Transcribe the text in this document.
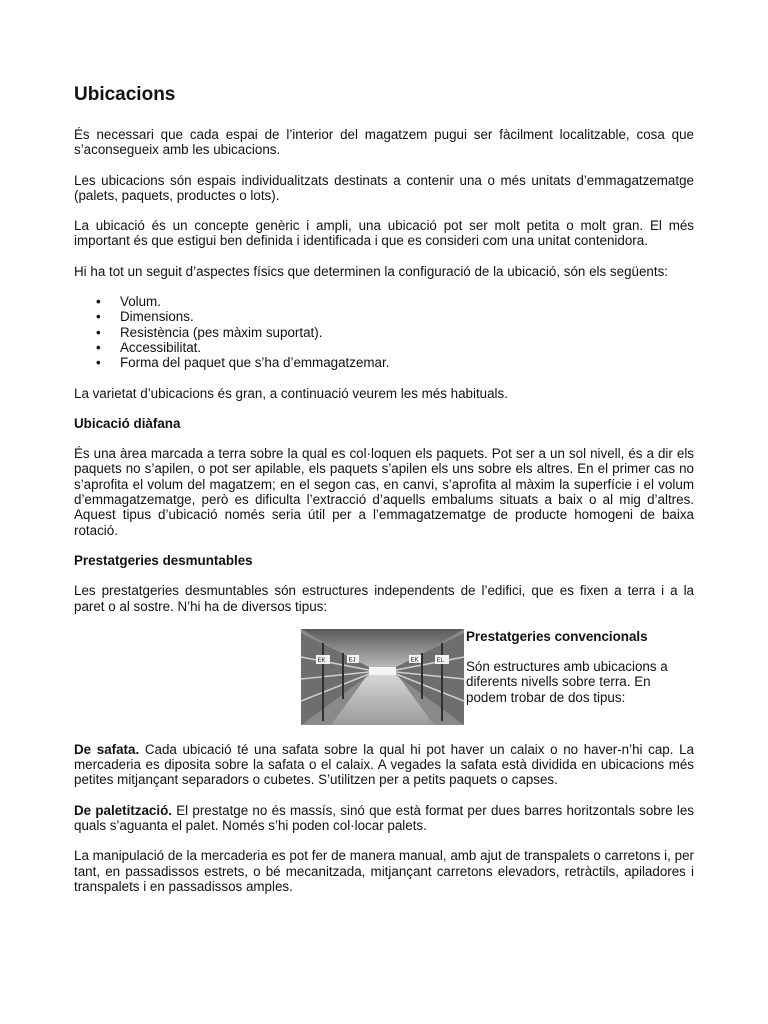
Ubicacions

És necessari que cada espai de l’interior del magatzem pugui ser fàcilment localitzable, cosa que s’aconsegueix amb les ubicacions.

Les ubicacions són espais individualitzats destinats a contenir una o més unitats d’emmagatzematge (palets, paquets, productes o lots).

La ubicació és un concepte genèric i ampli, una ubicació pot ser molt petita o molt gran. El més important és que estigui ben definida i identificada i que es consideri com una unitat contenidora.

Hi ha tot un seguit d’aspectes físics que determinen la configuració de la ubicació, són els següents:

• Volum.
• Dimensions.
• Resistència (pes màxim suportat).
• Accessibilitat.
• Forma del paquet que s’ha d’emmagatzemar.

La varietat d’ubicacions és gran, a continuació veurem les més habituals.

Ubicació diàfana

És una àrea marcada a terra sobre la qual es col·loquen els paquets. Pot ser a un sol nivell, és a dir els paquets no s’apilen, o pot ser apilable, els paquets s’apilen els uns sobre els altres. En el primer cas no s’aprofita el volum del magatzem; en el segon cas, en canvi, s’aprofita al màxim la superfície i el volum d’emmagatzematge, però es dificulta l’extracció d’aquells embalums situats a baix o al mig d’altres. Aquest tipus d’ubicació només seria útil per a l’emmagatzematge de producte homogeni de baixa rotació.

Prestatgeries desmuntables

Les prestatgeries desmuntables són estructures independents de l’edifici, que es fixen a terra i a la paret o al sostre. N’hi ha de diversos tipus:

EK	EJ	EK	EL
Prestatgeries convencionals
Són estructures amb ubicacions a diferents nivells sobre terra. En podem trobar de dos tipus:

De safata. Cada ubicació té una safata sobre la qual hi pot haver un calaix o no haver-n’hi cap. La mercaderia es diposita sobre la safata o el calaix. A vegades la safata està dividida en ubicacions més petites mitjançant separadors o cubetes. S’utilitzen per a petits paquets o capses.

De paletització. El prestatge no és massís, sinó que està format per dues barres horitzontals sobre les quals s’aguanta el palet. Només s’hi poden col·locar palets.

La manipulació de la mercaderia es pot fer de manera manual, amb ajut de transpalets o carretons i, per tant, en passadissos estrets, o bé mecanitzada, mitjançant carretons elevadors, retràctils, apiladores i transpalets i en passadissos amples.
